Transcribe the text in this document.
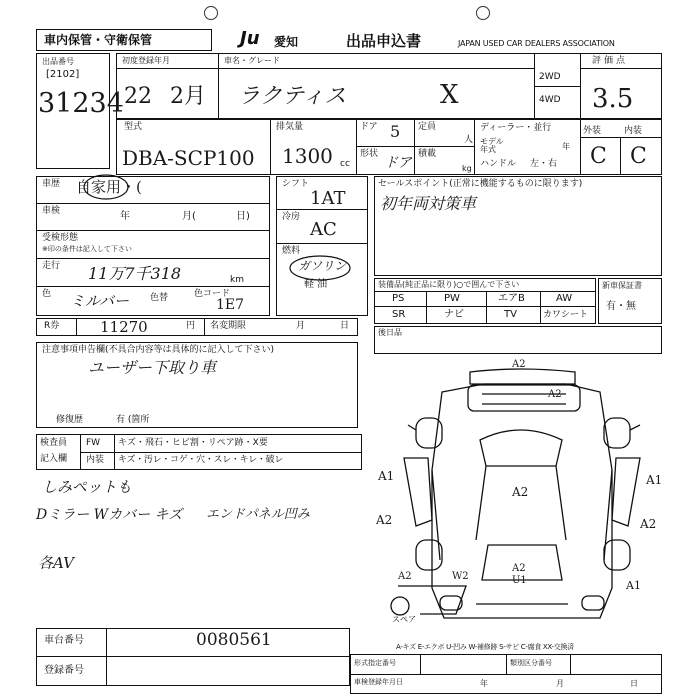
車内保管・守衛保管	Ju 愛知	出品申込書	JAPAN USED CAR DEALERS ASSOCIATION
出品番号
[2102]
31234
初度登録年月
22 2月
車名・グレード
ラクティス	X
2WD
4WD
評価点
3.5
型式
DBA-SCP100
排気量
1300 cc
ドア 5
形状
ドア
定員
人
積載
kg
ディーラー・並行
モデル年式	年
ハンドル 左・右
外装	内装
C C
車歴 自家用・(
車検	年	月(	日)
受検形態
※印の条件は記入して下さい
走行 11万7千318	km
色 ミルバー 色替	色コード
1E7
シフト
1AT
冷房
AC
燃料
ガソリン
軽 油
セールスポイント(正常に機能するものに限ります)
初年両対策車
装備品(純正品に限り)○で囲んで下さい
PS	PW	エアB	AW
SR	ナビ	TV	カワシート
新車保証書
有・無
R券	11270	円 名変期限	月	日
後日品
注意事項申告欄(不具合内容等は具体的に記入して下さい)
ユーザー下取り車
修復歴	有 (箇所
検査員
記入欄
FW キズ・飛石・ヒビ割・リペア跡・X要
内装 キズ・汚レ・コゲ・穴・スレ・キレ・破レ
しみペットも
Dミラー Wカバー キズ エンドパネル凹み
各AV
A2
A2
A1
A2
A2
A1
A2
A2
A1
A2
U1
W2
スペア
A-キズ E-エクボ U-凹み W-補修跡 S-サビ C-腐食 XX-交換済
車台番号	0080561
登録番号
形式指定番号	類別区分番号
車検登録年月日	年	月	日
